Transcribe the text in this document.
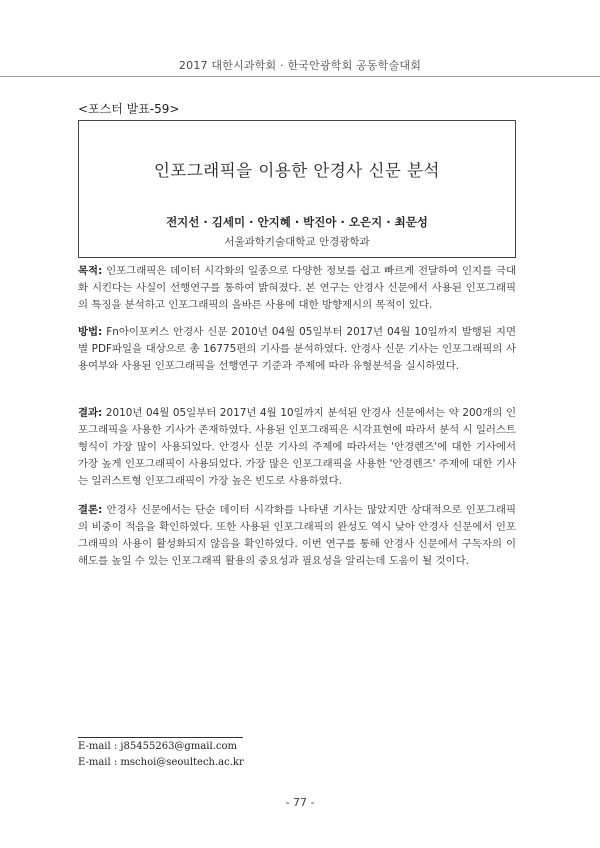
2017 대한시과학회 · 한국안광학회 공동학술대회
<포스터 발표-59>
인포그래픽을 이용한 안경사 신문 분석
전지선 · 김세미 · 안지혜 · 박진아 · 오은지 · 최문성
서울과학기술대학교 안경광학과
목적: 인포그래픽은 데이터 시각화의 일종으로 다양한 정보를 쉽고 빠르게 전달하여 인지를 극대화 시킨다는 사실이 선행연구를 통하여 밝혀졌다. 본 연구는 안경사 신문에서 사용된 인포그래픽의 특징을 분석하고 인포그래픽의 올바른 사용에 대한 방향제시의 목적이 있다.
방법: Fn아이포커스 안경사 신문 2010년 04월 05일부터 2017년 04월 10일까지 발행된 지면별 PDF파일을 대상으로 총 16775편의 기사를 분석하였다. 안경사 신문 기사는 인포그래픽의 사용여부와 사용된 인포그래픽을 선행연구 기준과 주제에 따라 유형분석을 실시하였다.
결과: 2010년 04월 05일부터 2017년 4월 10일까지 분석된 안경사 신문에서는 약 200개의 인포그래픽을 사용한 기사가 존재하였다. 사용된 인포그래픽은 시각표현에 따라서 분석 시 일러스트형식이 가장 많이 사용되었다. 안경사 신문 기사의 주제에 따라서는 '안경렌즈'에 대한 기사에서 가장 높게 인포그래픽이 사용되었다. 가장 많은 인포그래픽을 사용한 '안경렌즈' 주제에 대한 기사는 일러스트형 인포그래픽이 가장 높은 빈도로 사용하였다.
결론: 안경사 신문에서는 단순 데이터 시각화를 나타낸 기사는 많았지만 상대적으로 인포그래픽의 비중이 적음을 확인하였다. 또한 사용된 인포그래픽의 완성도 역시 낮아 안경사 신문에서 인포그래픽의 사용이 활성화되지 않음을 확인하였다. 이번 연구를 통해 안경사 신문에서 구독자의 이해도를 높일 수 있는 인포그래픽 활용의 중요성과 필요성을 알리는데 도움이 될 것이다.
E-mail : j85455263@gmail.com
E-mail : mschoi@seoultech.ac.kr
- 77 -
